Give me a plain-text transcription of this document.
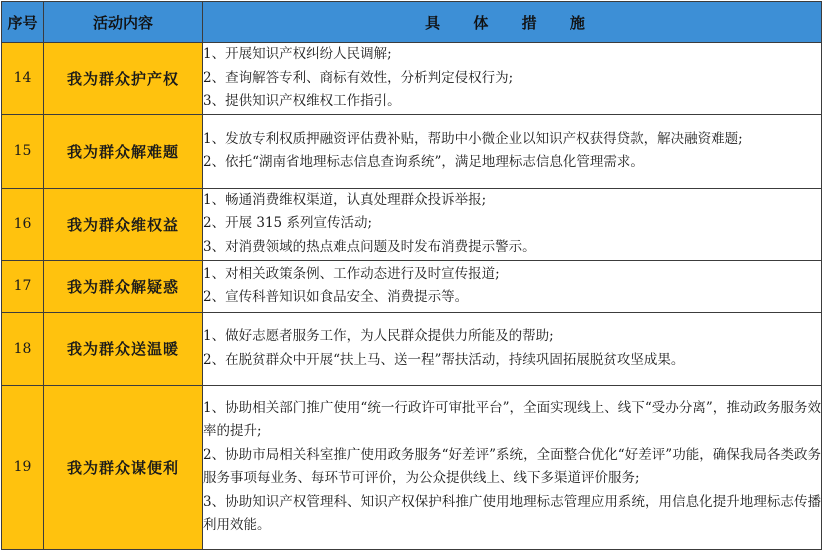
序号	活动内容	具 体 措 施
14	我为群众护产权	1、开展知识产权纠纷人民调解;
2、查询解答专利、商标有效性，分析判定侵权行为;
3、提供知识产权维权工作指引。

15	我为群众解难题	1、发放专利权质押融资评估费补贴，帮助中小微企业以知识产权获得贷款，解决融资难题;
2、依托“湖南省地理标志信息查询系统”，满足地理标志信息化管理需求。

16	我为群众维权益	1、畅通消费维权渠道，认真处理群众投诉举报;
2、开展 315 系列宣传活动;
3、对消费领域的热点难点问题及时发布消费提示警示。

17	我为群众解疑惑	1、对相关政策条例、工作动态进行及时宣传报道;
2、宣传科普知识如食品安全、消费提示等。

18	我为群众送温暖	1、做好志愿者服务工作，为人民群众提供力所能及的帮助;
2、在脱贫群众中开展“扶上马、送一程”帮扶活动，持续巩固拓展脱贫攻坚成果。

19	我为群众谋便利	1、协助相关部门推广使用“统一行政许可审批平台”，全面实现线上、线下“受办分离”，推动政务服务效率的提升;
2、协助市局相关科室推广使用政务服务“好差评”系统，全面整合优化“好差评”功能，确保我局各类政务服务事项每业务、每环节可评价，为公众提供线上、线下多渠道评价服务;
3、协助知识产权管理科、知识产权保护科推广使用地理标志管理应用系统，用信息化提升地理标志传播利用效能。
